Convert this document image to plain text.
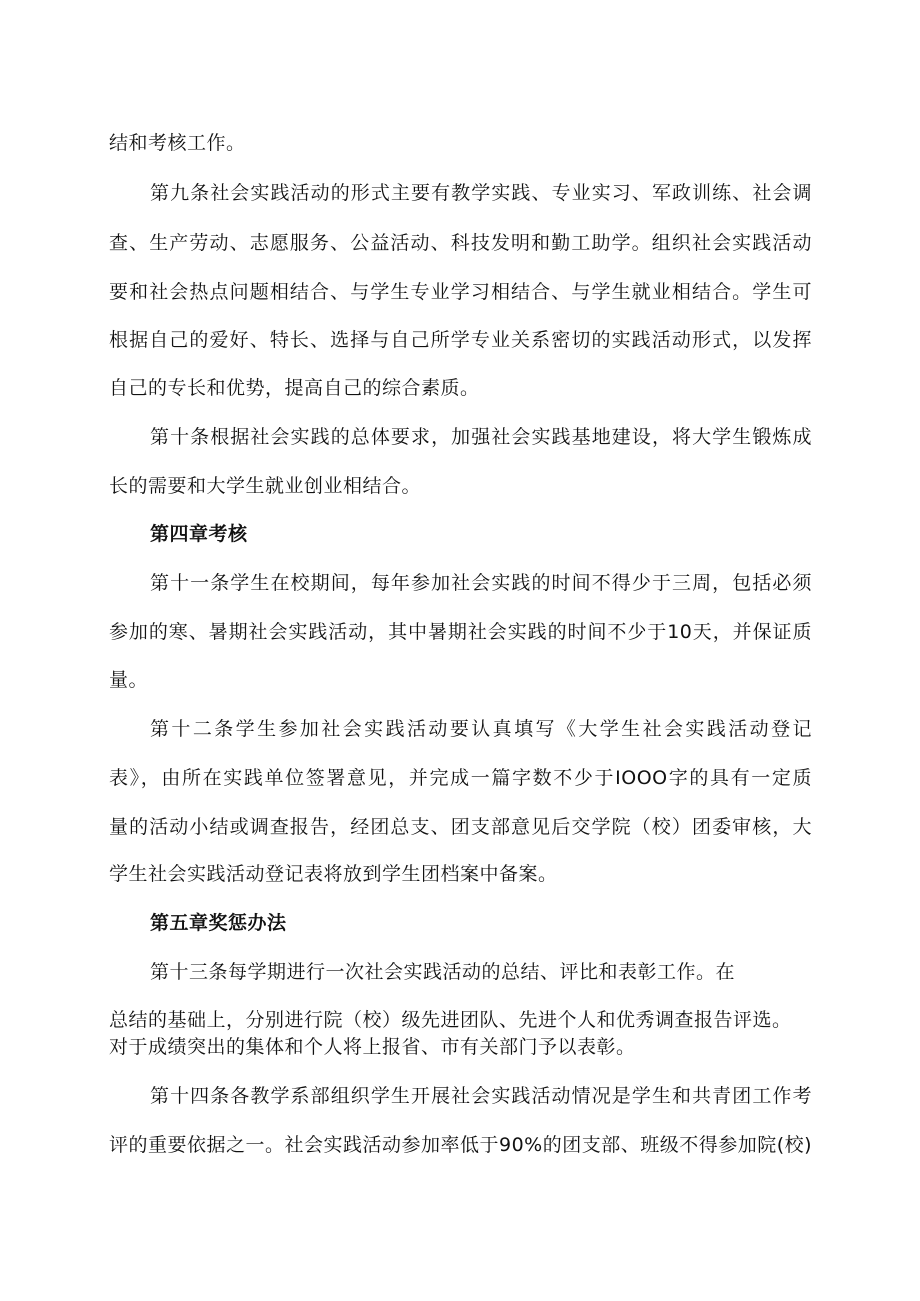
结和考核工作。
第九条社会实践活动的形式主要有教学实践、专业实习、军政训练、社会调
查、生产劳动、志愿服务、公益活动、科技发明和勤工助学。组织社会实践活动
要和社会热点问题相结合、与学生专业学习相结合、与学生就业相结合。学生可
根据自己的爱好、特长、选择与自己所学专业关系密切的实践活动形式，以发挥
自己的专长和优势，提高自己的综合素质。
第十条根据社会实践的总体要求，加强社会实践基地建设，将大学生锻炼成
长的需要和大学生就业创业相结合。
第四章考核
第十一条学生在校期间，每年参加社会实践的时间不得少于三周，包括必须
参加的寒、暑期社会实践活动，其中暑期社会实践的时间不少于10天，并保证质
量。
第十二条学生参加社会实践活动要认真填写《大学生社会实践活动登记
表》，由所在实践单位签署意见，并完成一篇字数不少于IOOO字的具有一定质
量的活动小结或调查报告，经团总支、团支部意见后交学院（校）团委审核，大
学生社会实践活动登记表将放到学生团档案中备案。
第五章奖惩办法
第十三条每学期进行一次社会实践活动的总结、评比和表彰工作。在
总结的基础上，分别进行院（校）级先进团队、先进个人和优秀调查报告评选。
对于成绩突出的集体和个人将上报省、市有关部门予以表彰。
第十四条各教学系部组织学生开展社会实践活动情况是学生和共青团工作考
评的重要依据之一。社会实践活动参加率低于90%的团支部、班级不得参加院(校)
